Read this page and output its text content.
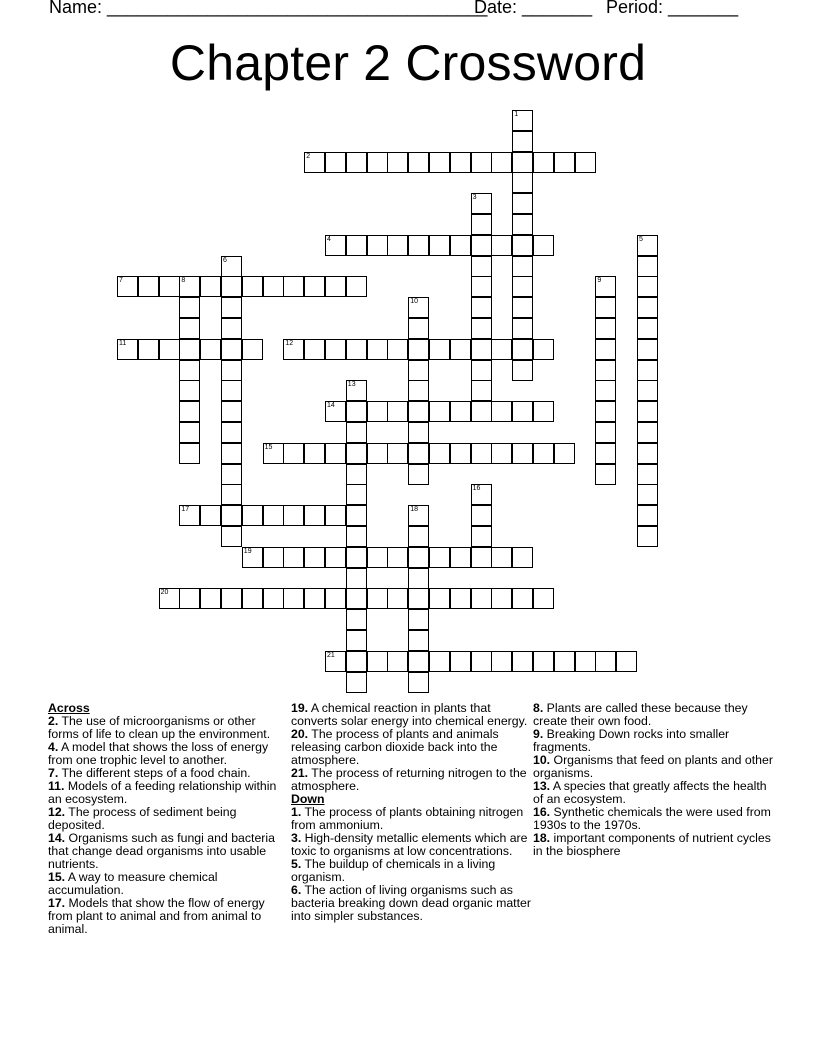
Name: ______________________________________
Date: _______ Period: _______
Chapter 2 Crossword
1
2
3
4	5
6
7	8	9
10
11	12
13
14
15
16
17	18
19
20
21
Across
2. The use of microorganisms or other forms of life to clean up the environment.
4. A model that shows the loss of energy from one trophic level to another.
7. The different steps of a food chain.
11. Models of a feeding relationship within an ecosystem.
12. The process of sediment being deposited.
14. Organisms such as fungi and bacteria that change dead organisms into usable nutrients.
15. A way to measure chemical accumulation.
17. Models that show the flow of energy from plant to animal and from animal to animal.
19. A chemical reaction in plants that converts solar energy into chemical energy.
20. The process of plants and animals releasing carbon dioxide back into the atmosphere.
21. The process of returning nitrogen to the atmosphere.
Down
1. The process of plants obtaining nitrogen from ammonium.
3. High-density metallic elements which are toxic to organisms at low concentrations.
5. The buildup of chemicals in a living organism.
6. The action of living organisms such as bacteria breaking down dead organic matter into simpler substances.
8. Plants are called these because they create their own food.
9. Breaking Down rocks into smaller fragments.
10. Organisms that feed on plants and other organisms.
13. A species that greatly affects the health of an ecosystem.
16. Synthetic chemicals the were used from 1930s to the 1970s.
18. important components of nutrient cycles in the biosphere
